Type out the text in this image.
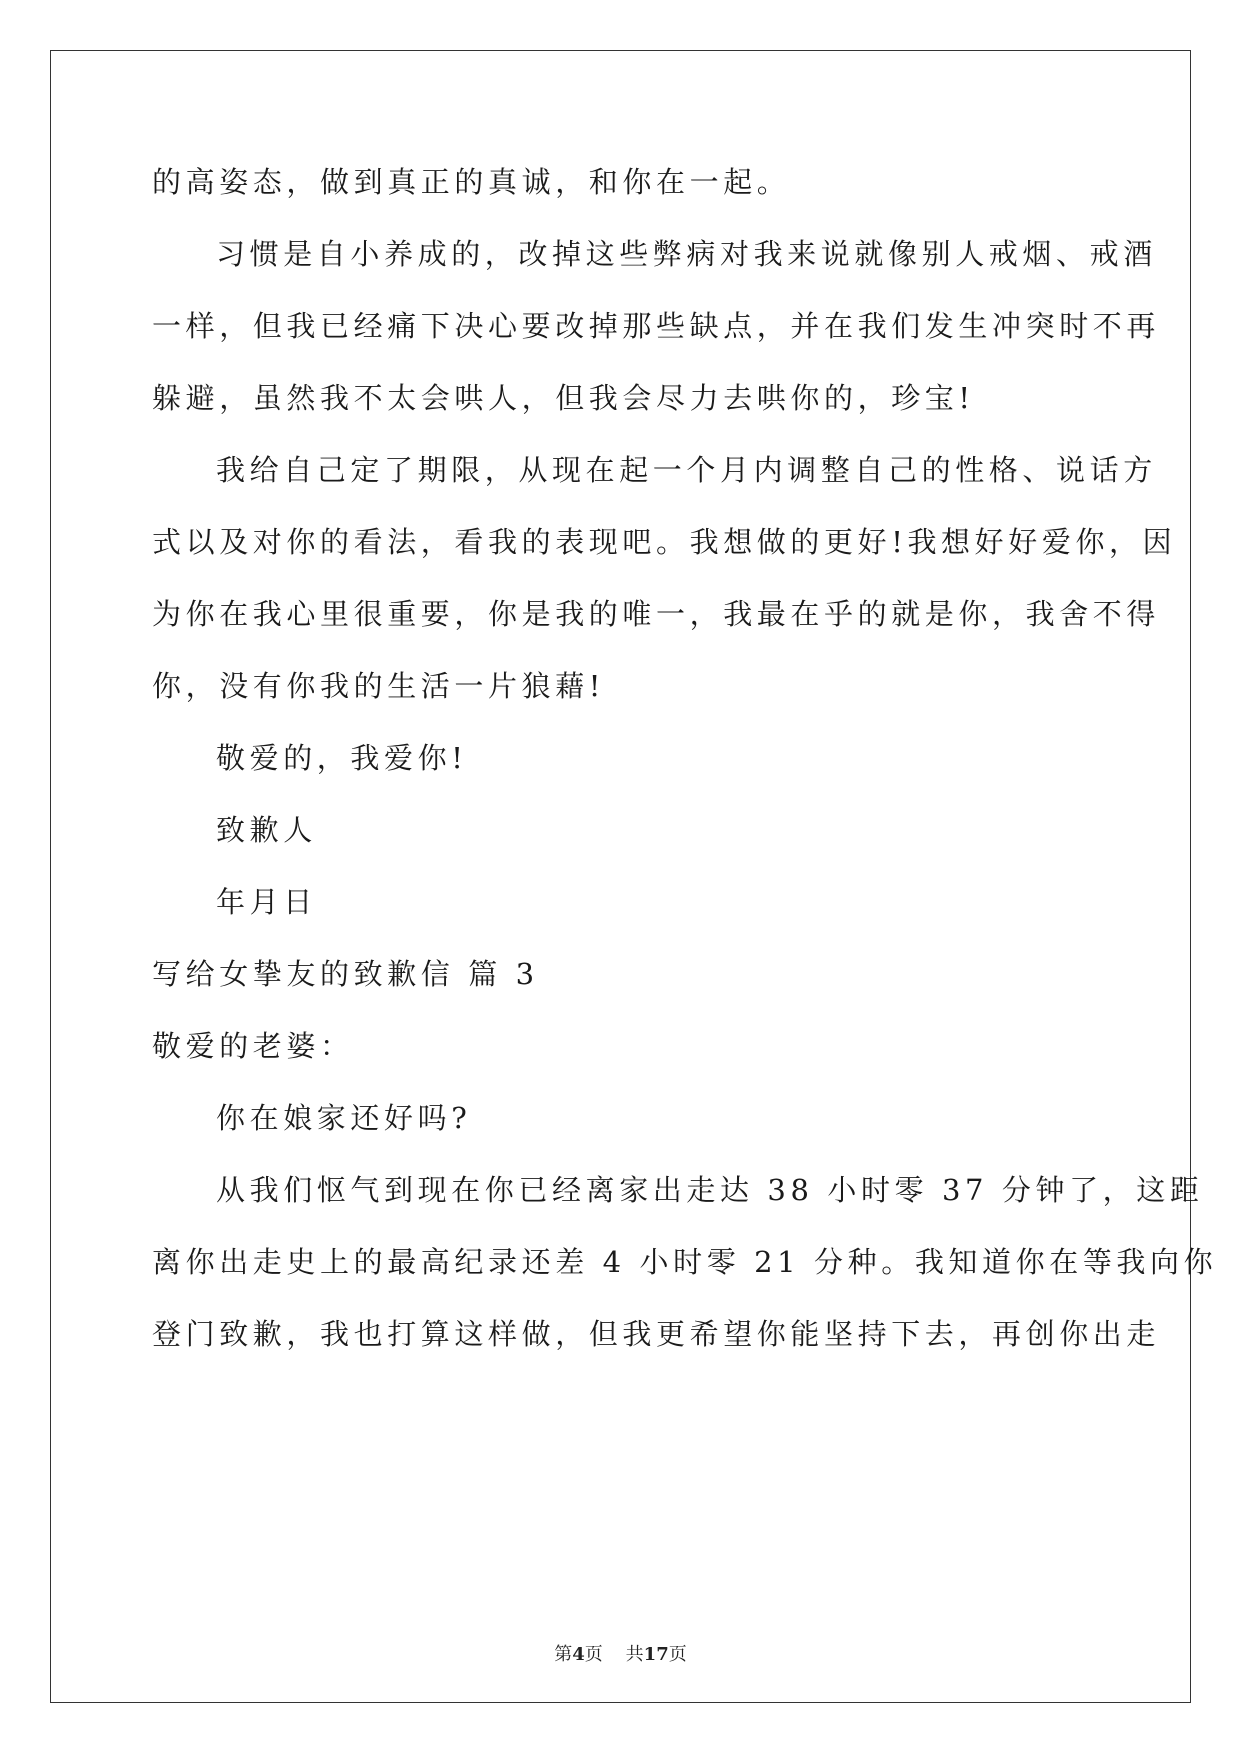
的高姿态，做到真正的真诚，和你在一起。
习惯是自小养成的，改掉这些弊病对我来说就像别人戒烟、戒酒
一样，但我已经痛下决心要改掉那些缺点，并在我们发生冲突时不再
躲避，虽然我不太会哄人，但我会尽力去哄你的，珍宝!
我给自己定了期限，从现在起一个月内调整自己的性格、说话方
式以及对你的看法，看我的表现吧。我想做的更好!我想好好爱你，因
为你在我心里很重要，你是我的唯一，我最在乎的就是你，我舍不得
你，没有你我的生活一片狼藉!
敬爱的，我爱你!
致歉人
年月日
写给女挚友的致歉信 篇 3
敬爱的老婆：
你在娘家还好吗?
从我们怄气到现在你已经离家出走达 38 小时零 37 分钟了，这距
离你出走史上的最高纪录还差 4 小时零 21 分种。我知道你在等我向你
登门致歉，我也打算这样做，但我更希望你能坚持下去，再创你出走
第4页 共17页
